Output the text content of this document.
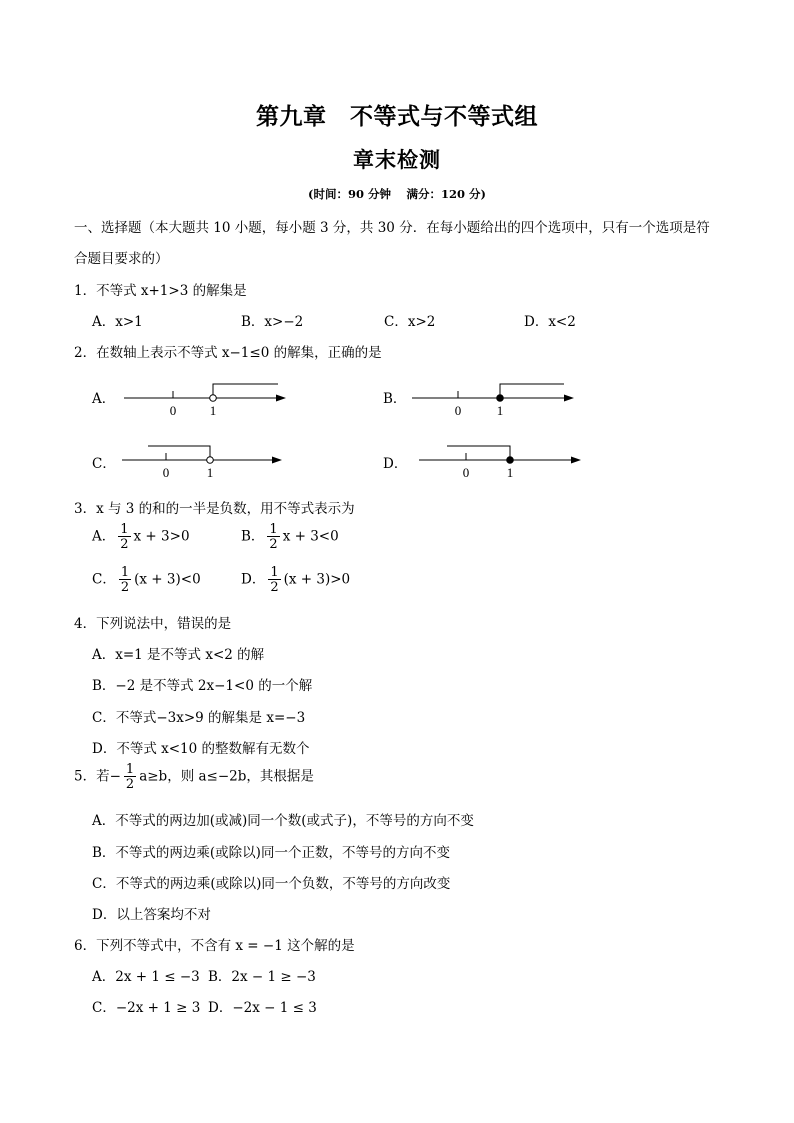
第九章　不等式与不等式组
章末检测
(时间：90 分钟　 满分：120 分)
一、选择题（本大题共 10 小题，每小题 3 分，共 30 分．在每小题给出的四个选项中，只有一个选项是符
合题目要求的）
1．不等式 x+1>3 的解集是
A．x>1	B．x>−2	C．x>2	D．x<2
2．在数轴上表示不等式 x−1≤0 的解集，正确的是
A．
0	1
B．
0	1
C．
0	1
D．
0	1
3．x 与 3 的和的一半是负数，用不等式表示为
A． $\frac{1}{2}$ x + 3>0	B． $\frac{1}{2}$ x + 3<0
C． $\frac{1}{2} (x + 3)<0$	D． $\frac{1}{2} (x + 3)>0$
4．下列说法中，错误的是
A．x=1 是不等式 x<2 的解
B．−2 是不等式 2x−1<0 的一个解
C．不等式−3x>9 的解集是 x=−3
D．不等式 x<10 的整数解有无数个
5．若− $\frac{1}{2} a\ge b$，则 a≤−2b，其根据是
A．不等式的两边加(或减)同一个数(或式子)，不等号的方向不变
B．不等式的两边乘(或除以)同一个正数，不等号的方向不变
C．不等式的两边乘(或除以)同一个负数，不等号的方向改变
D．以上答案均不对
6．下列不等式中，不含有 x = −1 这个解的是
A．2x + 1 ≤ −3 B．2x − 1 ≥ −3
C．−2x + 1 ≥ 3 D．−2x − 1 ≤ 3
